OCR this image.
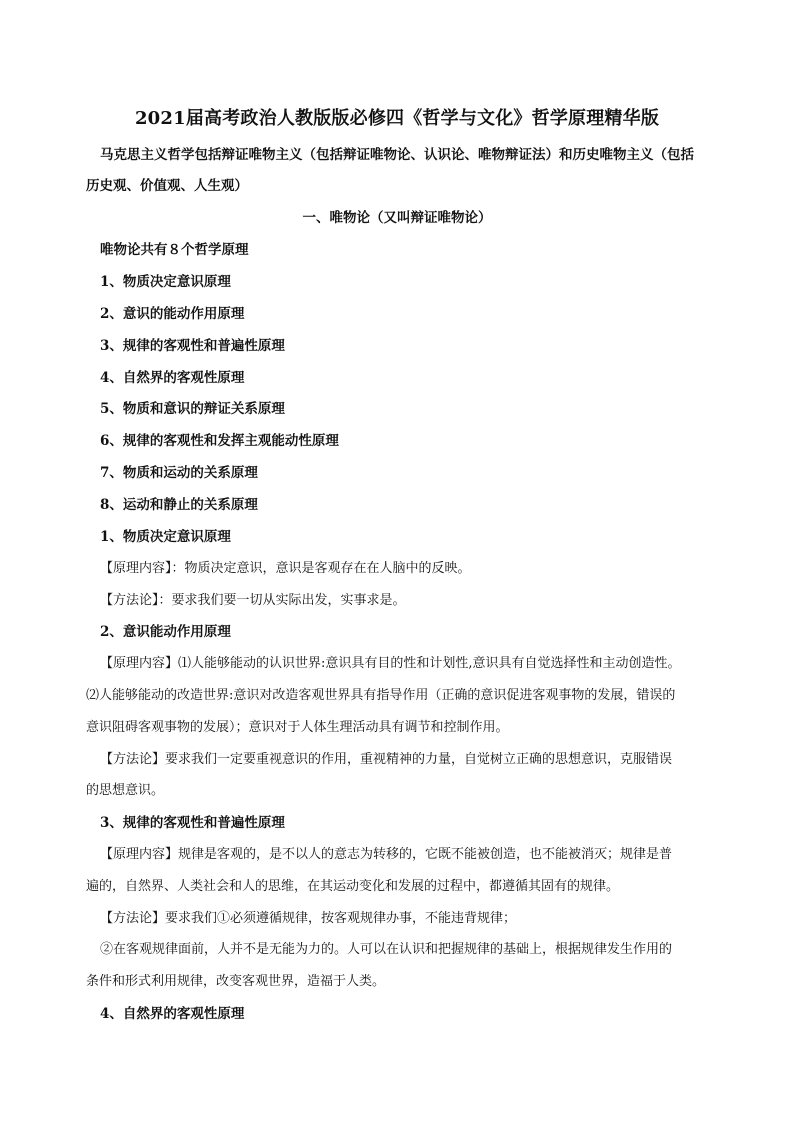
2021届高考政治人教版版必修四《哲学与文化》哲学原理精华版
马克思主义哲学包括辩证唯物主义（包括辩证唯物论、认识论、唯物辩证法）和历史唯物主义（包括
历史观、价值观、人生观）
一、唯物论（又叫辩证唯物论）
唯物论共有８个哲学原理
1、物质决定意识原理
2、意识的能动作用原理
3、规律的客观性和普遍性原理
4、自然界的客观性原理
5、物质和意识的辩证关系原理
6、规律的客观性和发挥主观能动性原理
7、物质和运动的关系原理
8、运动和静止的关系原理
1、物质决定意识原理
【原理内容】：物质决定意识，意识是客观存在在人脑中的反映。
【方法论】：要求我们要一切从实际出发，实事求是。
2、意识能动作用原理
【原理内容】⑴人能够能动的认识世界:意识具有目的性和计划性,意识具有自觉选择性和主动创造性。
⑵人能够能动的改造世界:意识对改造客观世界具有指导作用（正确的意识促进客观事物的发展，错误的
意识阻碍客观事物的发展）；意识对于人体生理活动具有调节和控制作用。
【方法论】要求我们一定要重视意识的作用，重视精神的力量，自觉树立正确的思想意识，克服错误
的思想意识。
3、规律的客观性和普遍性原理
【原理内容】规律是客观的，是不以人的意志为转移的，它既不能被创造，也不能被消灭；规律是普
遍的，自然界、人类社会和人的思维，在其运动变化和发展的过程中，都遵循其固有的规律。
【方法论】要求我们①必须遵循规律，按客观规律办事，不能违背规律；
②在客观规律面前，人并不是无能为力的。人可以在认识和把握规律的基础上，根据规律发生作用的
条件和形式利用规律，改变客观世界，造福于人类。
4、自然界的客观性原理
